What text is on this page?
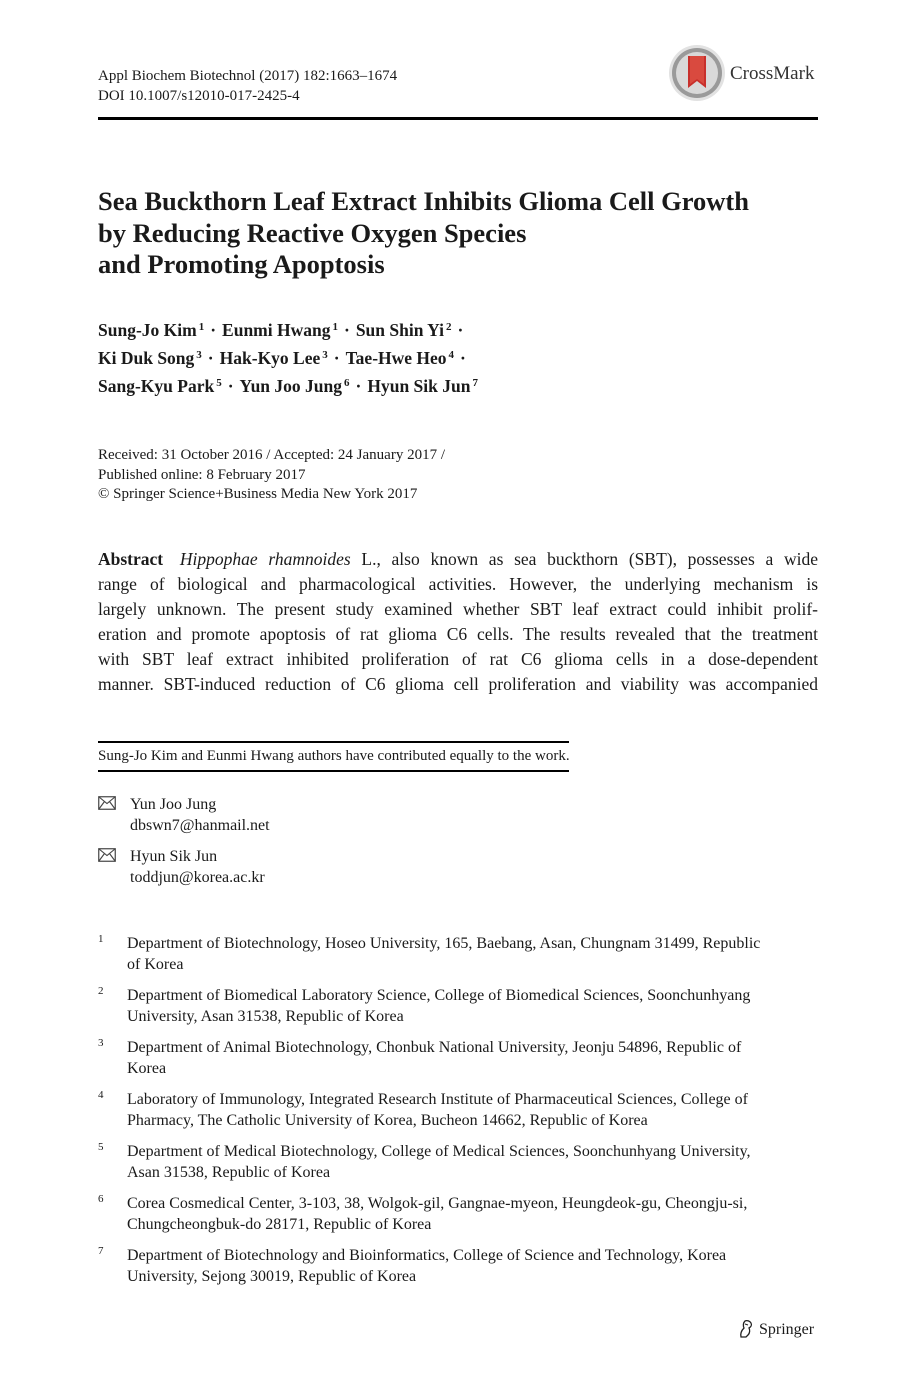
Appl Biochem Biotechnol (2017) 182:1663–1674
DOI 10.1007/s12010-017-2425-4
CrossMark
Sea Buckthorn Leaf Extract Inhibits Glioma Cell Growth
by Reducing Reactive Oxygen Species
and Promoting Apoptosis
Sung-Jo Kim $^1$ · Eunmi Hwang $^1$ · Sun Shin Yi $^2$ ·
Ki Duk Song $^3$ · Hak-Kyo Lee $^3$ · Tae-Hwe Heo $^4$ ·
Sang-Kyu Park $^5$ · Yun Joo Jung $^6$ · Hyun Sik Jun $^7$
Received: 31 October 2016 / Accepted: 24 January 2017 /
Published online: 8 February 2017
© Springer Science+Business Media New York 2017
Abstract Hippophae rhamnoides L., also known as sea buckthorn (SBT), possesses a wide
range of biological and pharmacological activities. However, the underlying mechanism is
largely unknown. The present study examined whether SBT leaf extract could inhibit prolif-
eration and promote apoptosis of rat glioma C6 cells. The results revealed that the treatment
with SBT leaf extract inhibited proliferation of rat C6 glioma cells in a dose-dependent
manner. SBT-induced reduction of C6 glioma cell proliferation and viability was accompanied
Sung-Jo Kim and Eunmi Hwang authors have contributed equally to the work.
Yun Joo Jung
dbswn7@hanmail.net
Hyun Sik Jun
toddjun@korea.ac.kr
1 Department of Biotechnology, Hoseo University, 165, Baebang, Asan, Chungnam 31499, Republic
of Korea
2 Department of Biomedical Laboratory Science, College of Biomedical Sciences, Soonchunhyang
University, Asan 31538, Republic of Korea
3 Department of Animal Biotechnology, Chonbuk National University, Jeonju 54896, Republic of
Korea
4 Laboratory of Immunology, Integrated Research Institute of Pharmaceutical Sciences, College of
Pharmacy, The Catholic University of Korea, Bucheon 14662, Republic of Korea
5 Department of Medical Biotechnology, College of Medical Sciences, Soonchunhyang University,
Asan 31538, Republic of Korea
6 Corea Cosmedical Center, 3-103, 38, Wolgok-gil, Gangnae-myeon, Heungdeok-gu, Cheongju-si,
Chungcheongbuk-do 28171, Republic of Korea
7 Department of Biotechnology and Bioinformatics, College of Science and Technology, Korea
University, Sejong 30019, Republic of Korea
Springer
